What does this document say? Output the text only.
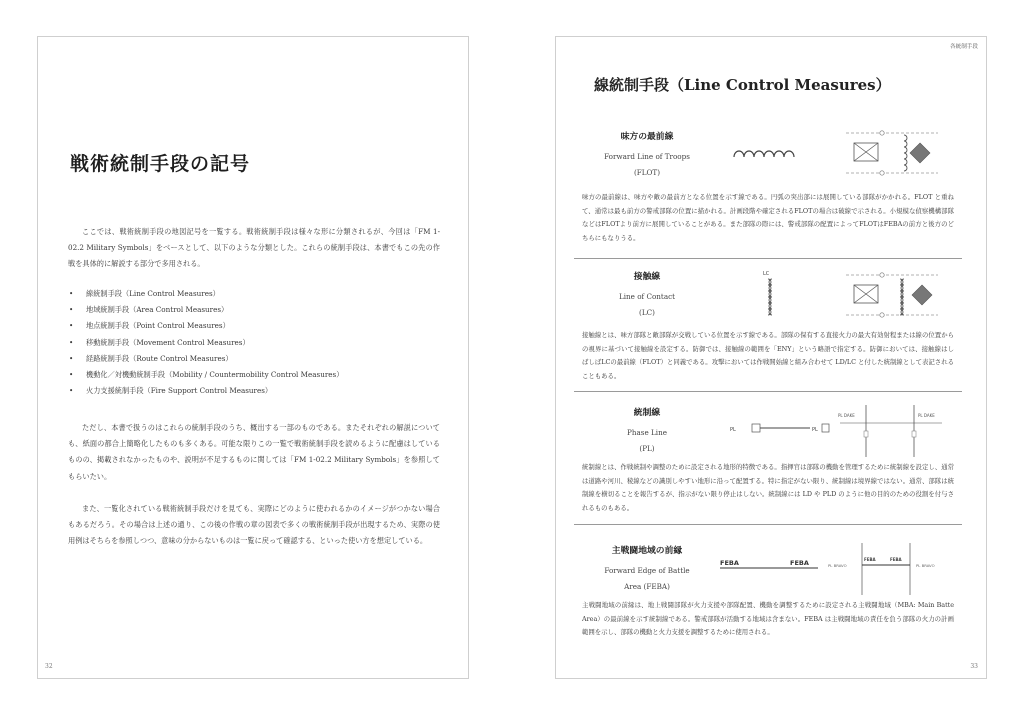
戦術統制手段の記号
ここでは、戦術統制手段の地図記号を一覧する。戦術統制手段は様々な形に分類されるが、今回は「FM 1-02.2 Military Symbols」をベースとして、以下のような分類とした。これらの統制手段は、本書でもこの先の作戦を具体的に解説する部分で多用される。
• 線統制手段（Line Control Measures）
• 地域統制手段（Area Control Measures）
• 地点統制手段（Point Control Measures）
• 移動統制手段（Movement Control Measures）
• 経路統制手段（Route Control Measures）
• 機動化／対機動統制手段（Mobility / Countermobility Control Measures）
• 火力支援統制手段（Fire Support Control Measures）
ただし、本書で扱うのはこれらの統制手段のうち、概出する一部のものである。またそれぞれの解説についても、紙面の都合上簡略化したものも多くある。可能な限りこの一覧で戦術統制手段を読めるように配慮はしているものの、掲載されなかったものや、説明が不足するものに関しては「FM 1-02.2 Military Symbols」を参照してもらいたい。
また、一覧化されている戦術統制手段だけを見ても、実際にどのように使われるかのイメージがつかない場合もあるだろう。その場合は上述の通り、この後の作戦の章の図表で多くの戦術統制手段が出現するため、実際の使用例はそちらを参照しつつ、意味の分からないものは一覧に戻って確認する、といった使い方を想定している。
32
各統制手段
線統制手段（Line Control Measures）
味方の最前線
Forward Line of Troops
(FLOT)
味方の最前線は、味方や敵の最前方となる位置を示す線である。円弧の突出部には展開している部隊がかかれる。FLOT と重ねて、通常は最も前方の警戒部隊の位置に描かれる。計画段階や確定されるFLOTの場合は破線で示される。小規模な偵察機構部隊などはFLOTより前方に展開していることがある。また部隊の際には、警戒部隊の配置によってFLOTはFEBAの前方と後方のどちらにもなりうる。
接触線
Line of Contact
(LC)
LC
接触線とは、味方部隊と敵部隊が交戦している位置を示す線である。部隊の保有する直接火力の最大有効射程または線の位置からの視界に基づいて接触線を設定する。防御では、接触線の範囲を「ENY」という略語で指定する。防御においては、接触線はしばしばLCの最前線（FLOT）と同義である。攻撃においては作戦開始線と組み合わせて LD/LC と付した統制線として表記されることもある。
統制線
Phase Line
(PL)
PL	PL
PL DAKE	PL DAKE
統制線とは、作戦統制や調整のために設定される地形的特徴である。指揮官は部隊の機動を管理するために統制線を設定し、通常は道路や河川、稜線などの識別しやすい地形に沿って配置する。特に指定がない限り、統制線は境界線ではない。通常、部隊は統制線を横切ることを報告するが、指示がない限り停止はしない。統制線には LD や PLD のように他の目的のための役割を付与されるものもある。
主戦闘地域の前縁
Forward Edge of Battle
Area (FEBA)
FEBA	FEBA	FEBA	FEBA
PL BRAVO	PL BRAVO
主戦闘地域の前縁は、地上戦闘部隊が火力支援や部隊配置、機動を調整するために設定される主戦闘地域（MBA: Main Batte Area）の最前線を示す統制線である。警戒部隊が活動する地域は含まない。FEBA は主戦闘地域の責任を負う部隊の火力の計画範囲を示し、部隊の機動と火力支援を調整するために使用される。
33
